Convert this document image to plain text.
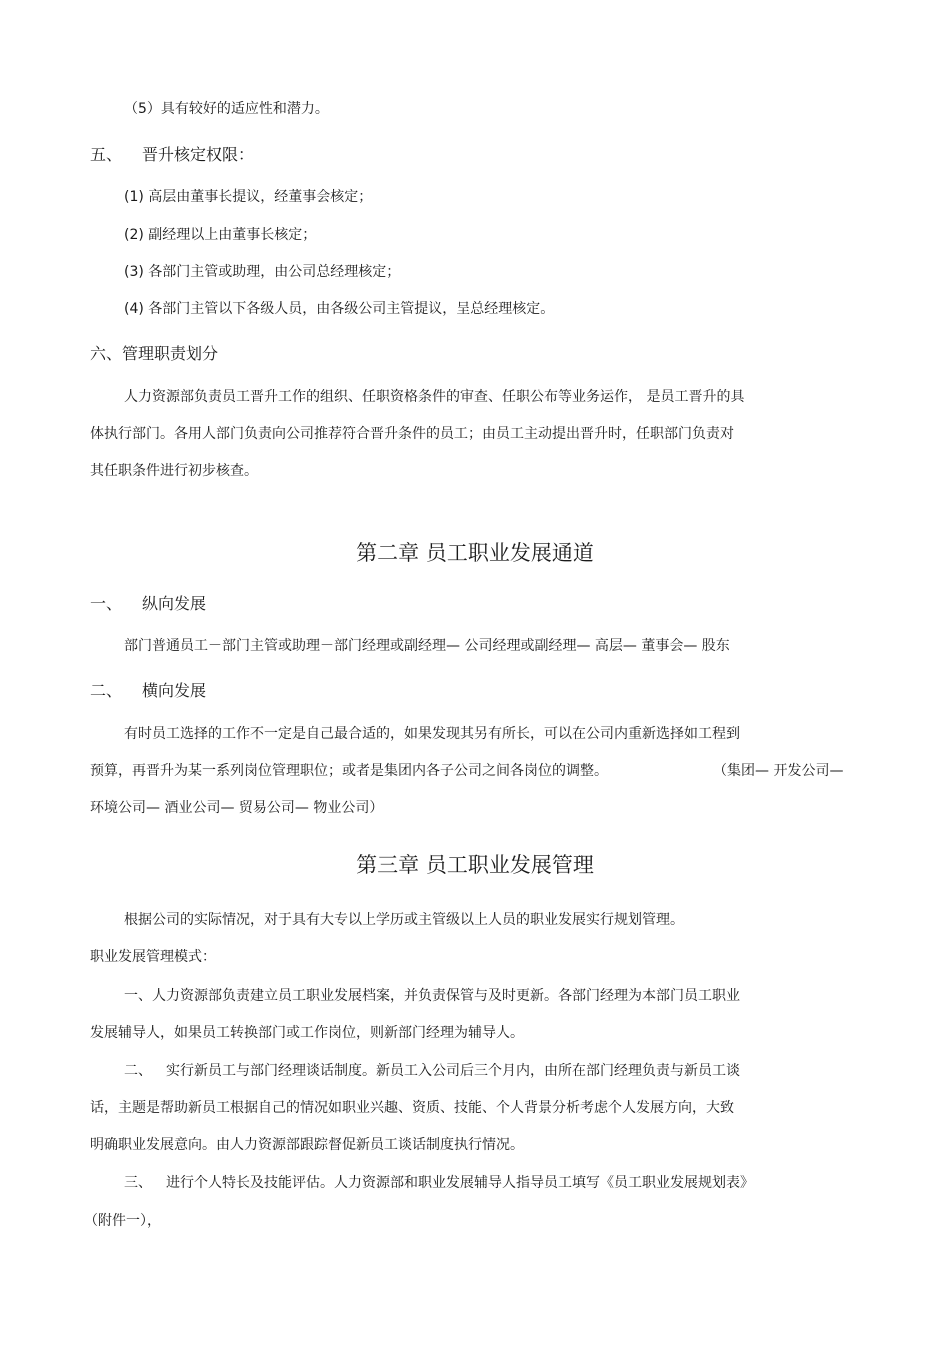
（5）具有较好的适应性和潜力。
五、 晋升核定权限：
(1) 高层由董事长提议，经董事会核定；
(2) 副经理以上由董事长核定；
(3) 各部门主管或助理，由公司总经理核定；
(4) 各部门主管以下各级人员，由各级公司主管提议，呈总经理核定。
六、管理职责划分
人力资源部负责员工晋升工作的组织、任职资格条件的审查、任职公布等业务运作， 是员工晋升的具
体执行部门。各用人部门负责向公司推荐符合晋升条件的员工；由员工主动提出晋升时，任职部门负责对
其任职条件进行初步核查。
第二章 员工职业发展通道
一、 纵向发展
部门普通员工－部门主管或助理－部门经理或副经理— 公司经理或副经理— 高层— 董事会— 股东
二、 横向发展
有时员工选择的工作不一定是自己最合适的，如果发现其另有所长，可以在公司内重新选择如工程到
预算，再晋升为某一系列岗位管理职位；或者是集团内各子公司之间各岗位的调整。	（集团— 开发公司—
环境公司— 酒业公司— 贸易公司— 物业公司）
第三章 员工职业发展管理
根据公司的实际情况，对于具有大专以上学历或主管级以上人员的职业发展实行规划管理。
职业发展管理模式：
一、人力资源部负责建立员工职业发展档案，并负责保管与及时更新。各部门经理为本部门员工职业
发展辅导人，如果员工转换部门或工作岗位，则新部门经理为辅导人。
二、 实行新员工与部门经理谈话制度。新员工入公司后三个月内，由所在部门经理负责与新员工谈
话，主题是帮助新员工根据自己的情况如职业兴趣、资质、技能、个人背景分析考虑个人发展方向，大致
明确职业发展意向。由人力资源部跟踪督促新员工谈话制度执行情况。
三、 进行个人特长及技能评估。人力资源部和职业发展辅导人指导员工填写《员工职业发展规划表》
（附件一），
